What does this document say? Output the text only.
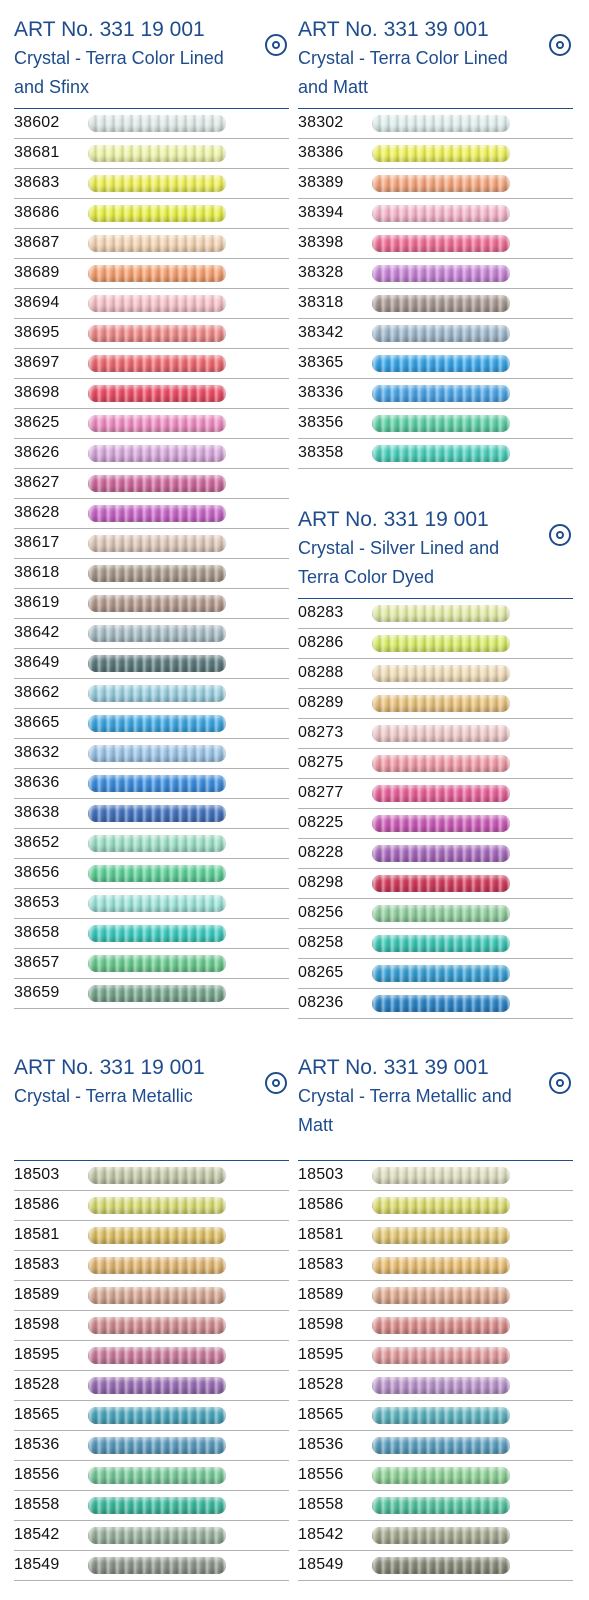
ART No. 331 19 001
Crystal - Terra Color Lined
and Sfinx
38602
38681
38683
38686
38687
38689
38694
38695
38697
38698
38625
38626
38627
38628
38617
38618
38619
38642
38649
38662
38665
38632
38636
38638
38652
38656
38653
38658
38657
38659
ART No. 331 39 001
Crystal - Terra Color Lined
and Matt
38302
38386
38389
38394
38398
38328
38318
38342
38365
38336
38356
38358
ART No. 331 19 001
Crystal - Silver Lined and
Terra Color Dyed
08283
08286
08288
08289
08273
08275
08277
08225
08228
08298
08256
08258
08265
08236
ART No. 331 19 001
Crystal - Terra Metallic
18503
18586
18581
18583
18589
18598
18595
18528
18565
18536
18556
18558
18542
18549
ART No. 331 39 001
Crystal - Terra Metallic and
Matt
18503
18586
18581
18583
18589
18598
18595
18528
18565
18536
18556
18558
18542
18549
